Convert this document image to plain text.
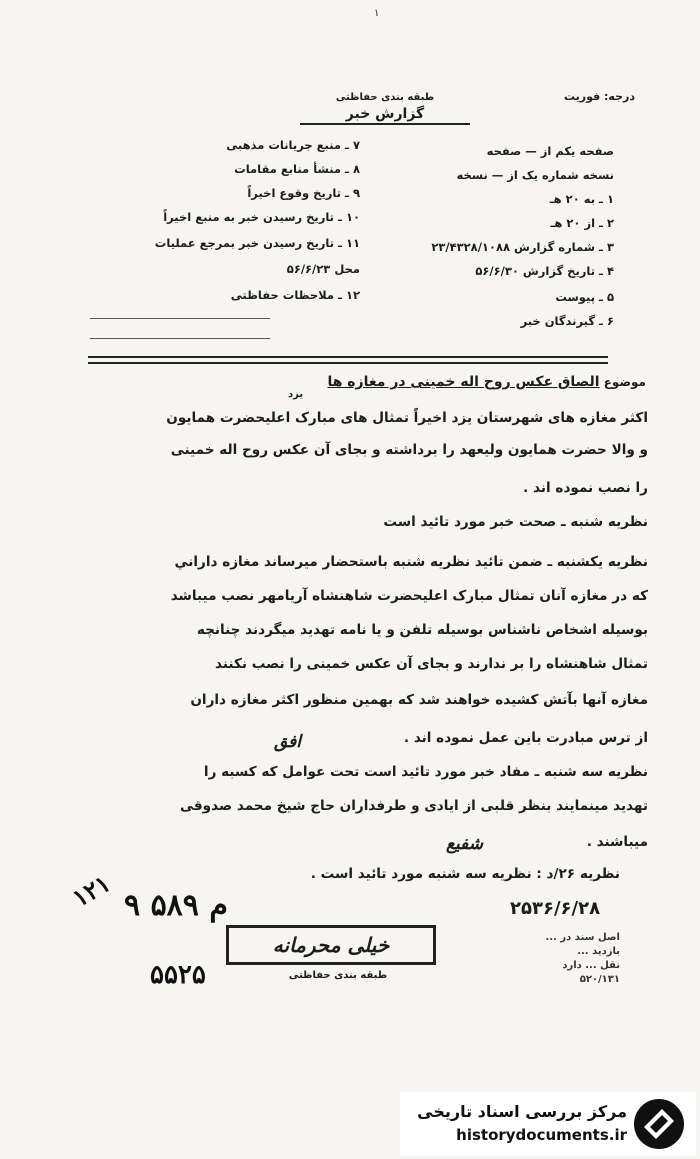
۱
درجه: فوریت
طبقه بندی حفاظتی
گزارش خبر
صفحه یکم از — صفحه
نسخه شماره یک از — نسخه
۱ ـ به ۲۰ هـ
۲ ـ از ۲۰ هـ
۳ ـ شماره گزارش ۲۳/۴۳۲۸/۱۰۸۸
۴ ـ تاریخ گزارش ۵۶/۶/۳۰
۵ ـ پیوست
۶ ـ گیرندگان خبر
۷ ـ منبع جریانات مذهبی
۸ ـ منشأ منابع مقامات
۹ ـ تاریخ وقوع اخیراً
۱۰ ـ تاریخ رسیدن خبر به منبع اخیراً
۱۱ ـ تاریخ رسیدن خبر بمرجع عملیات
محل ۵۶/۶/۲۳
۱۲ ـ ملاحظات حفاظتی
موضوع الصاق عکس روح اله خمینی در مغازه ها
یزد
اکثر مغازه های شهرستان یزد اخیراً تمثال های مبارک اعلیحضرت همایون
و والا حضرت همایون ولیعهد را برداشته و بجای آن عکس روح اله خمینی
را نصب نموده اند .
نظریه شنبه ـ صحت خبر مورد تائید است
نظریه یکشنبه ـ ضمن تائید نظریه شنبه باستحضار میرساند مغازه داراني
که در مغازه آنان تمثال مبارک اعلیحضرت شاهنشاه آریامهر نصب میباشد
بوسیله اشخاص ناشناس بوسیله تلفن و یا نامه تهدید میگردند چنانچه
تمثال شاهنشاه را بر ندارند و بجای آن عکس خمینی را نصب نکنند
مغازه آنها بآتش کشیده خواهند شد که بهمین منظور اکثر مغازه داران
از ترس مبادرت باین عمل نموده اند .
نظریه سه شنبه ـ مفاد خبر مورد تائید است تحت عوامل که کسبه را
تهدید مینمایند بنظر قلبی از ایادی و طرفداران حاج شیخ محمد صدوقی
میباشند .
نظریه ۲۶/د : نظریه سه شنبه مورد تائید است .
افق
شفیع
۲۵۳۶/۶/۲۸
۹ م ۵۸۹
۵۵۲۵
۱۲۱
خیلی محرمانه
طبقه بندی حفاظتی
اصل سند در ...
بازدید ...
نقل ... دارد
۵۲۰/۱۳۱
مرکز بررسی اسناد تاریخی
historydocuments.ir
